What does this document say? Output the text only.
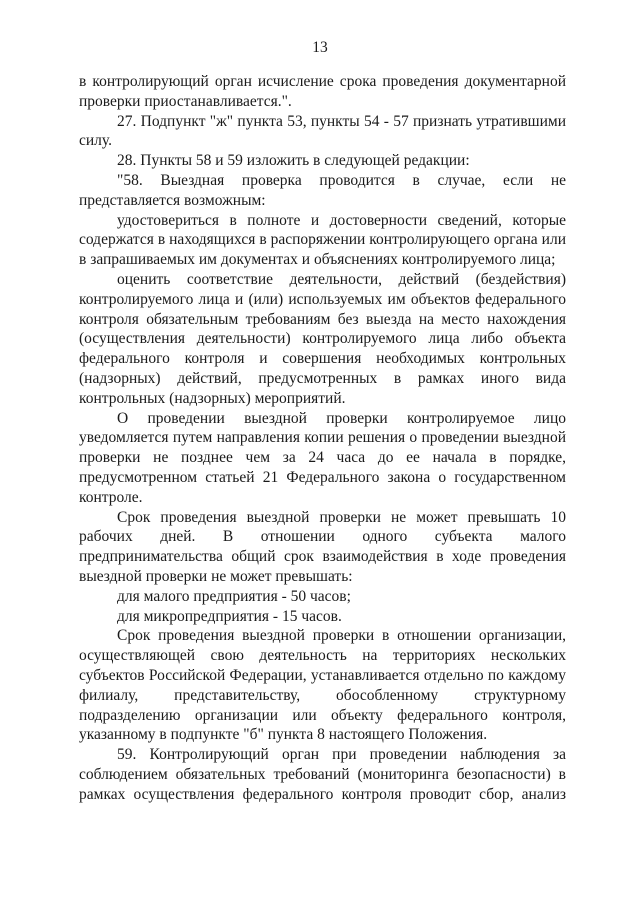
13

в контролирующий орган исчисление срока проведения документарной проверки приостанавливается.".

27. Подпункт "ж" пункта 53, пункты 54 - 57 признать утратившими силу.

28. Пункты 58 и 59 изложить в следующей редакции:

"58. Выездная проверка проводится в случае, если не представляется возможным:

удостовериться в полноте и достоверности сведений, которые содержатся в находящихся в распоряжении контролирующего органа или в запрашиваемых им документах и объяснениях контролируемого лица;

оценить соответствие деятельности, действий (бездействия) контролируемого лица и (или) используемых им объектов федерального контроля обязательным требованиям без выезда на место нахождения (осуществления деятельности) контролируемого лица либо объекта федерального контроля и совершения необходимых контрольных (надзорных) действий, предусмотренных в рамках иного вида контрольных (надзорных) мероприятий.

О проведении выездной проверки контролируемое лицо уведомляется путем направления копии решения о проведении выездной проверки не позднее чем за 24 часа до ее начала в порядке, предусмотренном статьей 21 Федерального закона о государственном контроле.

Срок проведения выездной проверки не может превышать 10 рабочих дней. В отношении одного субъекта малого предпринимательства общий срок взаимодействия в ходе проведения выездной проверки не может превышать:

для малого предприятия - 50 часов;

для микропредприятия - 15 часов.

Срок проведения выездной проверки в отношении организации, осуществляющей свою деятельность на территориях нескольких субъектов Российской Федерации, устанавливается отдельно по каждому филиалу, представительству, обособленному структурному подразделению организации или объекту федерального контроля, указанному в подпункте "б" пункта 8 настоящего Положения.

59. Контролирующий орган при проведении наблюдения за соблюдением обязательных требований (мониторинга безопасности) в рамках осуществления федерального контроля проводит сбор, анализ
